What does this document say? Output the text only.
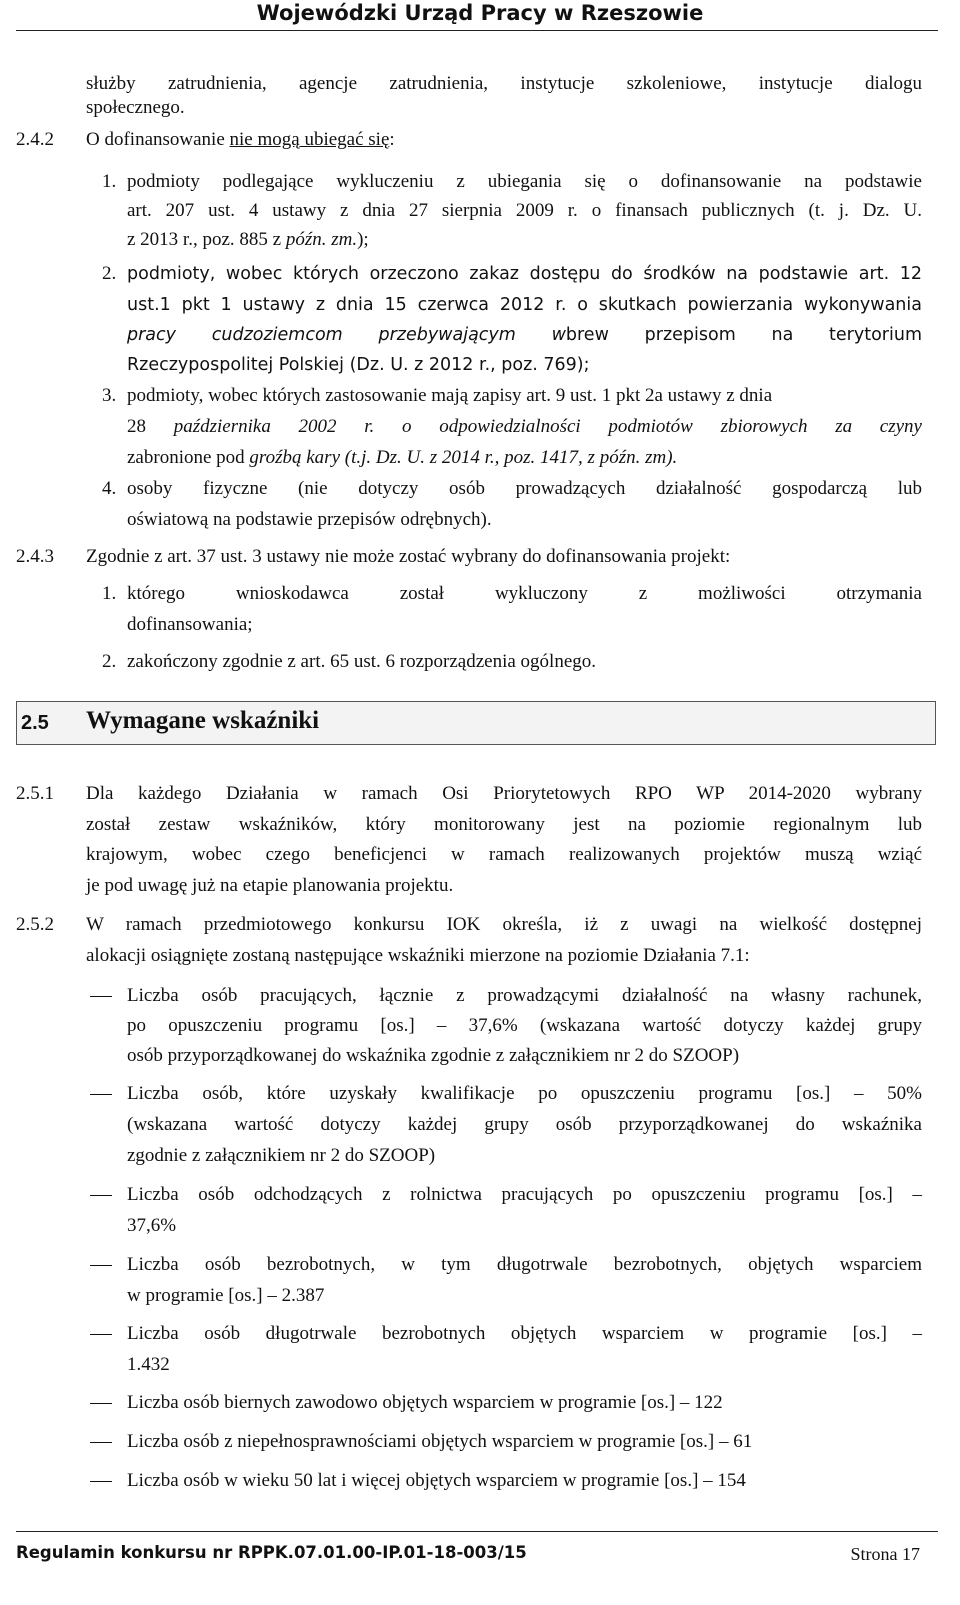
Wojewódzki Urząd Pracy w Rzeszowie
służby zatrudnienia, agencje zatrudnienia, instytucje szkoleniowe, instytucje dialogu
społecznego.
2.4.2 O dofinansowanie nie mogą ubiegać się:
1. podmioty podlegające wykluczeniu z ubiegania się o dofinansowanie na podstawie
art. 207 ust. 4 ustawy z dnia 27 sierpnia 2009 r. o finansach publicznych (t. j. Dz. U.
z 2013 r., poz. 885 z późn. zm.);
2. podmioty, wobec których orzeczono zakaz dostępu do środków na podstawie art. 12
ust.1 pkt 1 ustawy z dnia 15 czerwca 2012 r. o skutkach powierzania wykonywania
pracy cudzoziemcom przebywającym wbrew przepisom na terytorium
Rzeczypospolitej Polskiej (Dz. U. z 2012 r., poz. 769);
3. podmioty, wobec których zastosowanie mają zapisy art. 9 ust. 1 pkt 2a ustawy z dnia
28 października 2002 r. o odpowiedzialności podmiotów zbiorowych za czyny
zabronione pod groźbą kary (t.j. Dz. U. z 2014 r., poz. 1417, z późn. zm).
4. osoby fizyczne (nie dotyczy osób prowadzących działalność gospodarczą lub
oświatową na podstawie przepisów odrębnych).
2.4.3 Zgodnie z art. 37 ust. 3 ustawy nie może zostać wybrany do dofinansowania projekt:
1. którego wnioskodawca został wykluczony z możliwości otrzymania
dofinansowania;
2. zakończony zgodnie z art. 65 ust. 6 rozporządzenia ogólnego.
2.5 Wymagane wskaźniki
2.5.1 Dla każdego Działania w ramach Osi Priorytetowych RPO WP 2014-2020 wybrany
został zestaw wskaźników, który monitorowany jest na poziomie regionalnym lub
krajowym, wobec czego beneficjenci w ramach realizowanych projektów muszą wziąć
je pod uwagę już na etapie planowania projektu.
2.5.2 W ramach przedmiotowego konkursu IOK określa, iż z uwagi na wielkość dostępnej
alokacji osiągnięte zostaną następujące wskaźniki mierzone na poziomie Działania 7.1:
Liczba osób pracujących, łącznie z prowadzącymi działalność na własny rachunek,
po opuszczeniu programu [os.] – 37,6% (wskazana wartość dotyczy każdej grupy
osób przyporządkowanej do wskaźnika zgodnie z załącznikiem nr 2 do SZOOP)
Liczba osób, które uzyskały kwalifikacje po opuszczeniu programu [os.] – 50%
(wskazana wartość dotyczy każdej grupy osób przyporządkowanej do wskaźnika
zgodnie z załącznikiem nr 2 do SZOOP)
Liczba osób odchodzących z rolnictwa pracujących po opuszczeniu programu [os.] –
37,6%
Liczba osób bezrobotnych, w tym długotrwale bezrobotnych, objętych wsparciem
w programie [os.] – 2.387
Liczba osób długotrwale bezrobotnych objętych wsparciem w programie [os.] –
1.432
Liczba osób biernych zawodowo objętych wsparciem w programie [os.] – 122
Liczba osób z niepełnosprawnościami objętych wsparciem w programie [os.] – 61
Liczba osób w wieku 50 lat i więcej objętych wsparciem w programie [os.] – 154
Regulamin konkursu nr RPPK.07.01.00-IP.01-18-003/15	Strona 17
